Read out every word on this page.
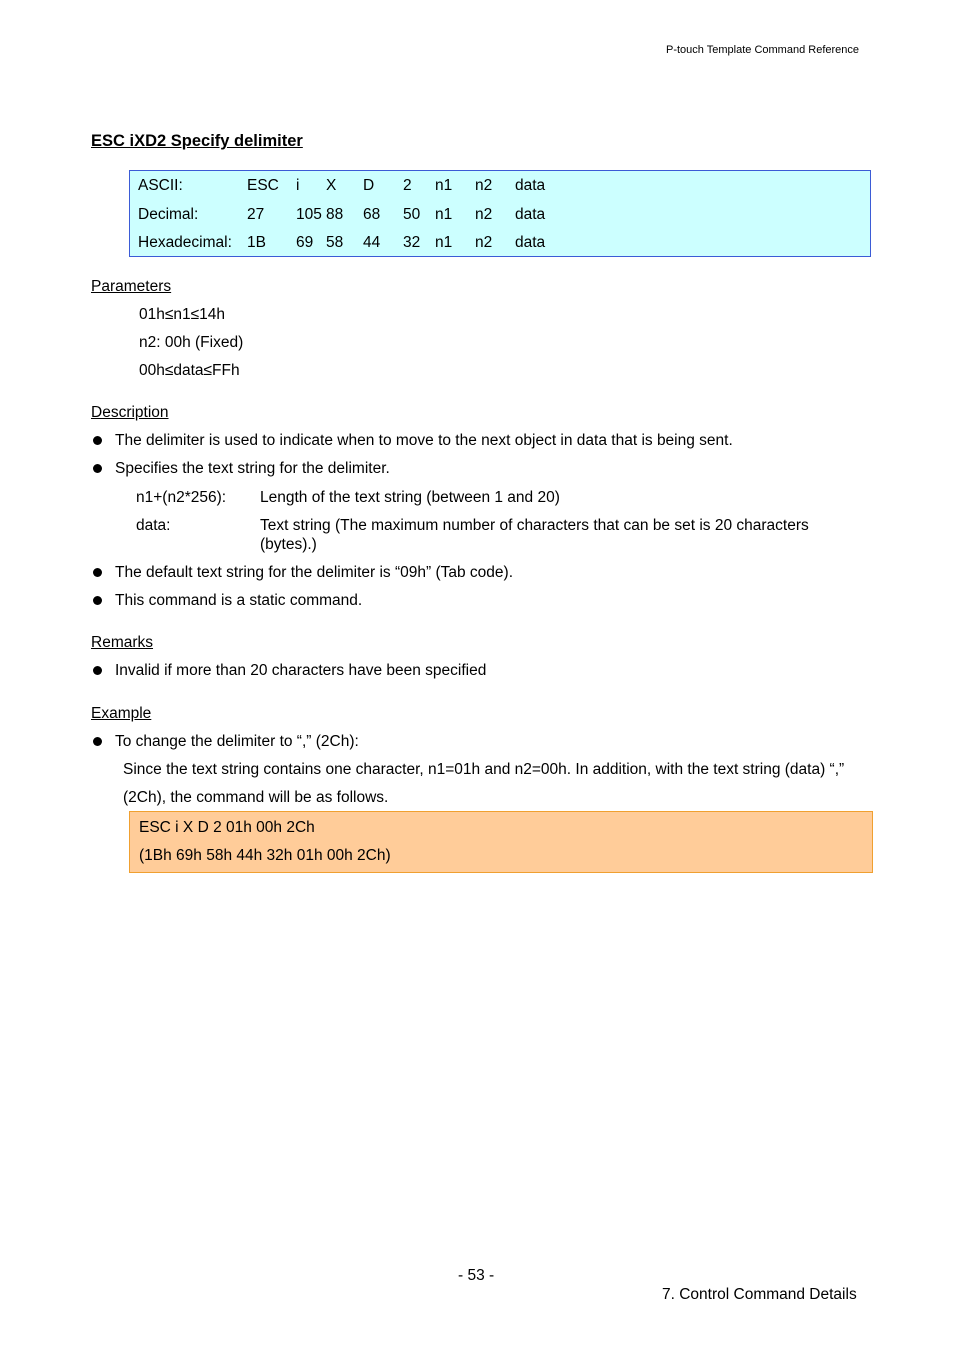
P-touch Template Command Reference
ESC iXD2 Specify delimiter
ASCII:	ESC	i	X	D	2	n1	n2	data
Decimal:	27	105	88	68	50	n1	n2	data
Hexadecimal:	1B	69	58	44	32	n1	n2	data
Parameters
01h≤n1≤14h
n2: 00h (Fixed)
00h≤data≤FFh
Description
The delimiter is used to indicate when to move to the next object in data that is being sent.
Specifies the text string for the delimiter.
n1+(n2*256): Length of the text string (between 1 and 20)
data:	Text string (The maximum number of characters that can be set is 20 characters
(bytes).)
The default text string for the delimiter is “09h” (Tab code).
This command is a static command.
Remarks
Invalid if more than 20 characters have been specified
Example
To change the delimiter to “,” (2Ch):
Since the text string contains one character, n1=01h and n2=00h. In addition, with the text string (data) “,”
(2Ch), the command will be as follows.
ESC i X D 2 01h 00h 2Ch
(1Bh 69h 58h 44h 32h 01h 00h 2Ch)
- 53 -
7. Control Command Details
